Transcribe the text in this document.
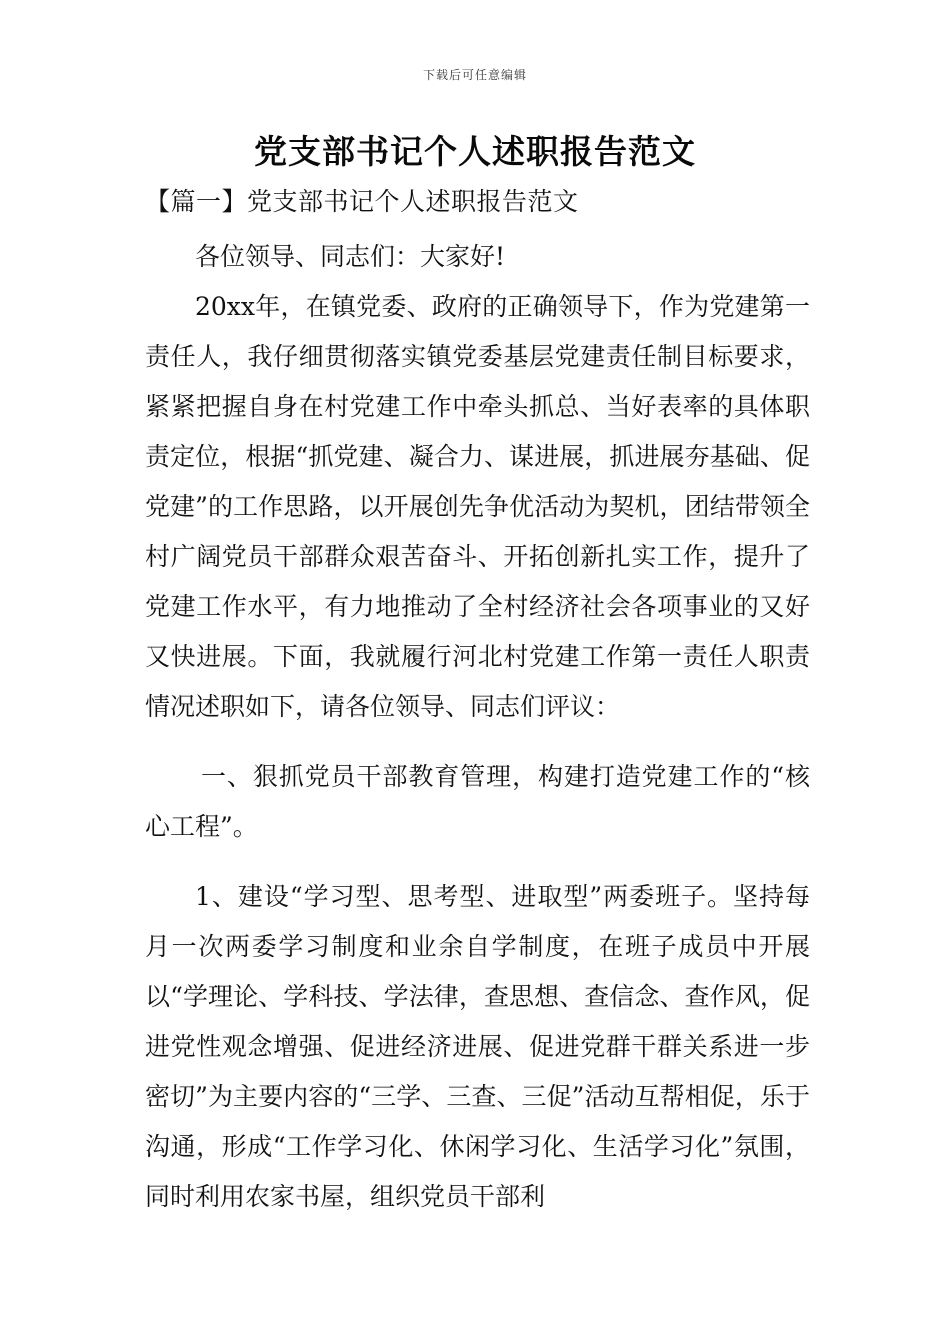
下载后可任意编辑
党支部书记个人述职报告范文
【篇一】党支部书记个人述职报告范文

各位领导、同志们：大家好!

20xx年，在镇党委、政府的正确领导下，作为党建第一责任人，我仔细贯彻落实镇党委基层党建责任制目标要求，紧紧把握自身在村党建工作中牵头抓总、当好表率的具体职责定位，根据“抓党建、凝合力、谋进展，抓进展夯基础、促党建”的工作思路，以开展创先争优活动为契机，团结带领全村广阔党员干部群众艰苦奋斗、开拓创新扎实工作，提升了党建工作水平，有力地推动了全村经济社会各项事业的又好又快进展。下面，我就履行河北村党建工作第一责任人职责情况述职如下，请各位领导、同志们评议：

一、狠抓党员干部教育管理，构建打造党建工作的“核心工程”。

1、建设“学习型、思考型、进取型”两委班子。坚持每月一次两委学习制度和业余自学制度，在班子成员中开展以“学理论、学科技、学法律，查思想、查信念、查作风，促进党性观念增强、促进经济进展、促进党群干群关系进一步密切”为主要内容的“三学、三查、三促”活动互帮相促，乐于沟通，形成“工作学习化、休闲学习化、生活学习化”氛围，同时利用农家书屋，组织党员干部利
